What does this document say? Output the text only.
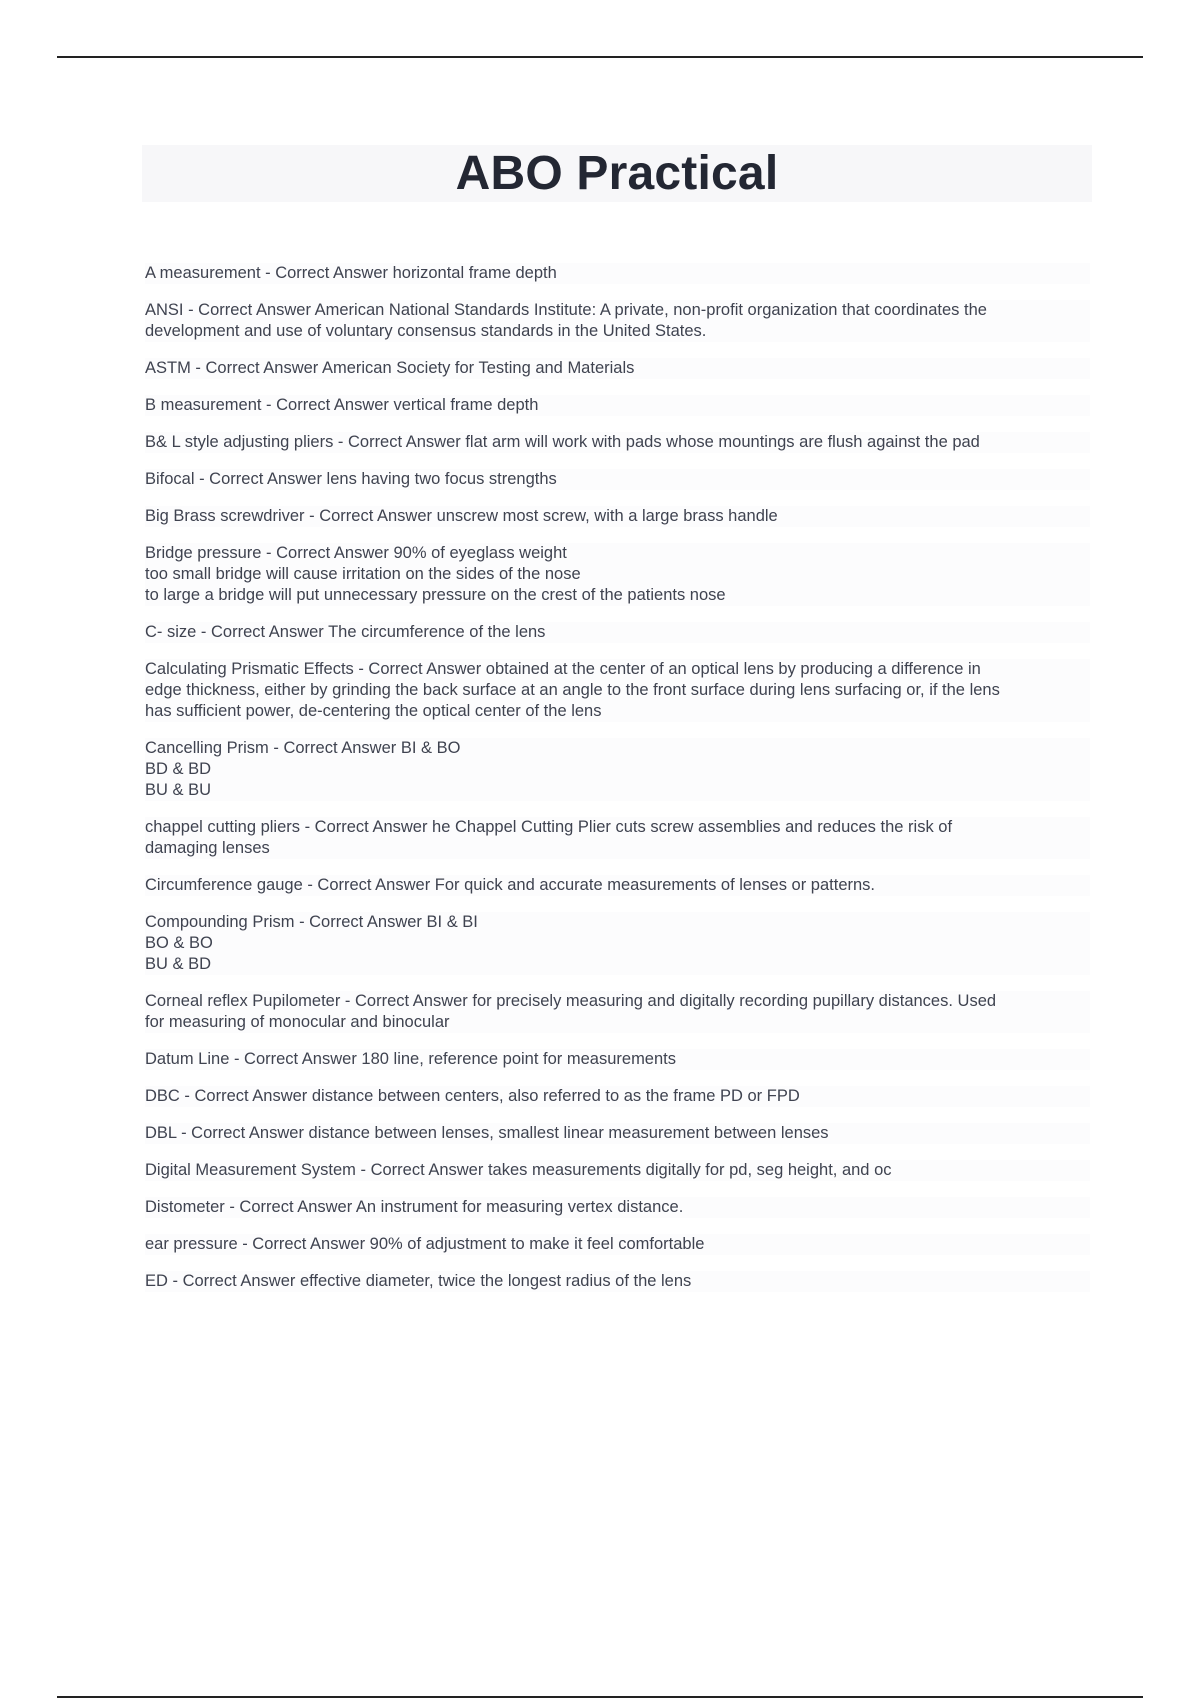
ABO Practical
A measurement - Correct Answer horizontal frame depth
ANSI - Correct Answer American National Standards Institute: A private, non-profit organization that coordinates the
development and use of voluntary consensus standards in the United States.
ASTM - Correct Answer American Society for Testing and Materials
B measurement - Correct Answer vertical frame depth
B& L style adjusting pliers - Correct Answer flat arm will work with pads whose mountings are flush against the pad
Bifocal - Correct Answer lens having two focus strengths
Big Brass screwdriver - Correct Answer unscrew most screw, with a large brass handle
Bridge pressure - Correct Answer 90% of eyeglass weight
too small bridge will cause irritation on the sides of the nose
to large a bridge will put unnecessary pressure on the crest of the patients nose
C- size - Correct Answer The circumference of the lens
Calculating Prismatic Effects - Correct Answer obtained at the center of an optical lens by producing a difference in
edge thickness, either by grinding the back surface at an angle to the front surface during lens surfacing or, if the lens
has sufficient power, de-centering the optical center of the lens
Cancelling Prism - Correct Answer BI & BO
BD & BD
BU & BU
chappel cutting pliers - Correct Answer he Chappel Cutting Plier cuts screw assemblies and reduces the risk of
damaging lenses
Circumference gauge - Correct Answer For quick and accurate measurements of lenses or patterns.
Compounding Prism - Correct Answer BI & BI
BO & BO
BU & BD
Corneal reflex Pupilometer - Correct Answer for precisely measuring and digitally recording pupillary distances. Used
for measuring of monocular and binocular
Datum Line - Correct Answer 180 line, reference point for measurements
DBC - Correct Answer distance between centers, also referred to as the frame PD or FPD
DBL - Correct Answer distance between lenses, smallest linear measurement between lenses
Digital Measurement System - Correct Answer takes measurements digitally for pd, seg height, and oc
Distometer - Correct Answer An instrument for measuring vertex distance.
ear pressure - Correct Answer 90% of adjustment to make it feel comfortable
ED - Correct Answer effective diameter, twice the longest radius of the lens
